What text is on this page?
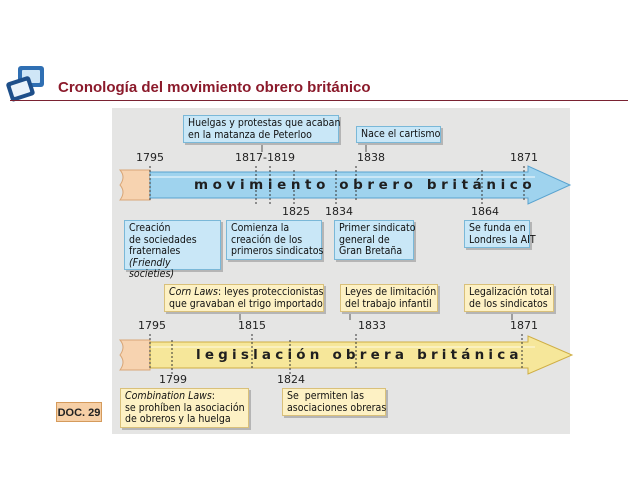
Cronología del movimiento obrero británico
movimiento obrero británico
legislación obrera británica
1795	1817-1819	1838	1871
1825 1834	1864
Huelgas y protestas que acaban
en la matanza de Peterloo	Nace el cartismo
Creación
de sociedades
fraternales
(Friendly societies)
Comienza la
creación de los
primeros sindicatos
Primer sindicato
general de
Gran Bretaña
Se funda en
Londres la AIT
1795	1815	1833	1871
1799	1824
Corn Laws: leyes proteccionistas
que gravaban el trigo importado
Leyes de limitación
del trabajo infantil
Legalización total
de los sindicatos
Combination Laws:
se prohíben la asociación
de obreros y la huelga
Se  permiten las
asociaciones obreras
DOC. 29
